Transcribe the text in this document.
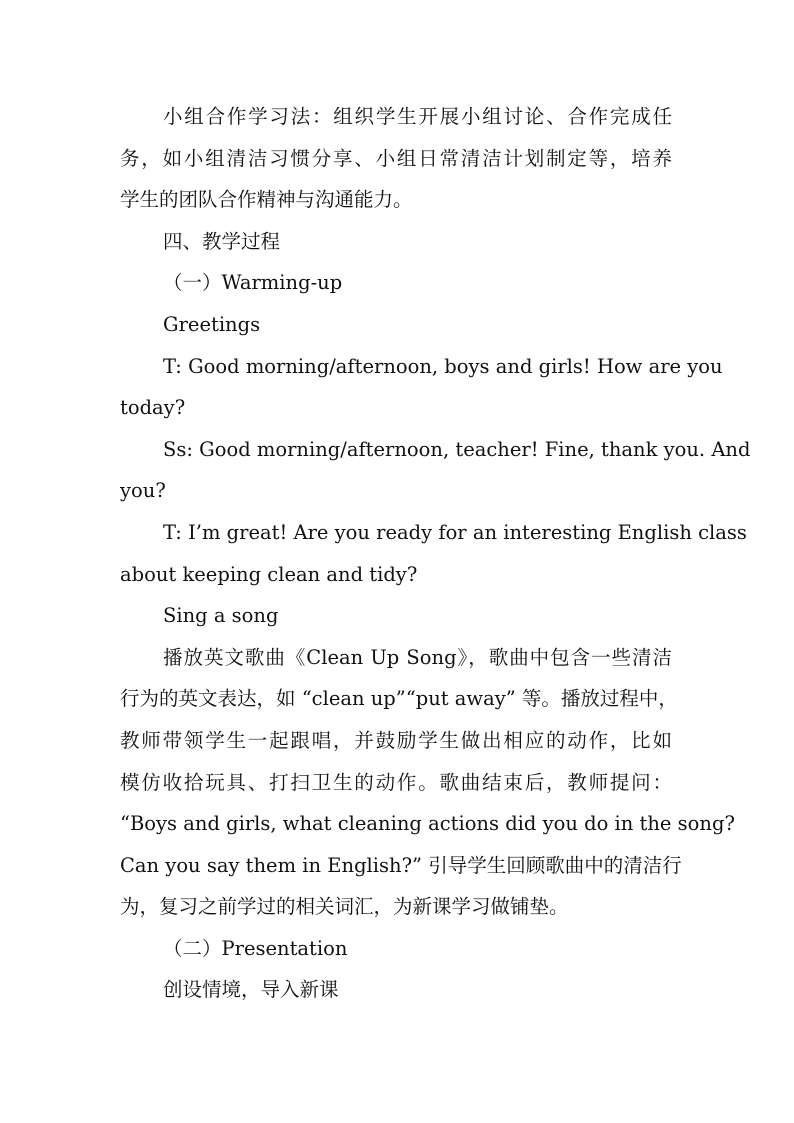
小组合作学习法：组织学生开展小组讨论、合作完成任
务，如小组清洁习惯分享、小组日常清洁计划制定等，培养
学生的团队合作精神与沟通能力。
四、教学过程
（一）Warming-up
Greetings
T: Good morning/afternoon, boys and girls! How are you
today?
Ss: Good morning/afternoon, teacher! Fine, thank you. And
you?
T: I’m great! Are you ready for an interesting English class
about keeping clean and tidy?
Sing a song
播放英文歌曲《Clean Up Song》，歌曲中包含一些清洁
行为的英文表达，如 “clean up”“put away” 等。播放过程中，
教师带领学生一起跟唱，并鼓励学生做出相应的动作，比如
模仿收拾玩具、打扫卫生的动作。歌曲结束后，教师提问：
“Boys and girls, what cleaning actions did you do in the song?
Can you say them in English?” 引导学生回顾歌曲中的清洁行
为，复习之前学过的相关词汇，为新课学习做铺垫。
（二）Presentation
创设情境，导入新课
